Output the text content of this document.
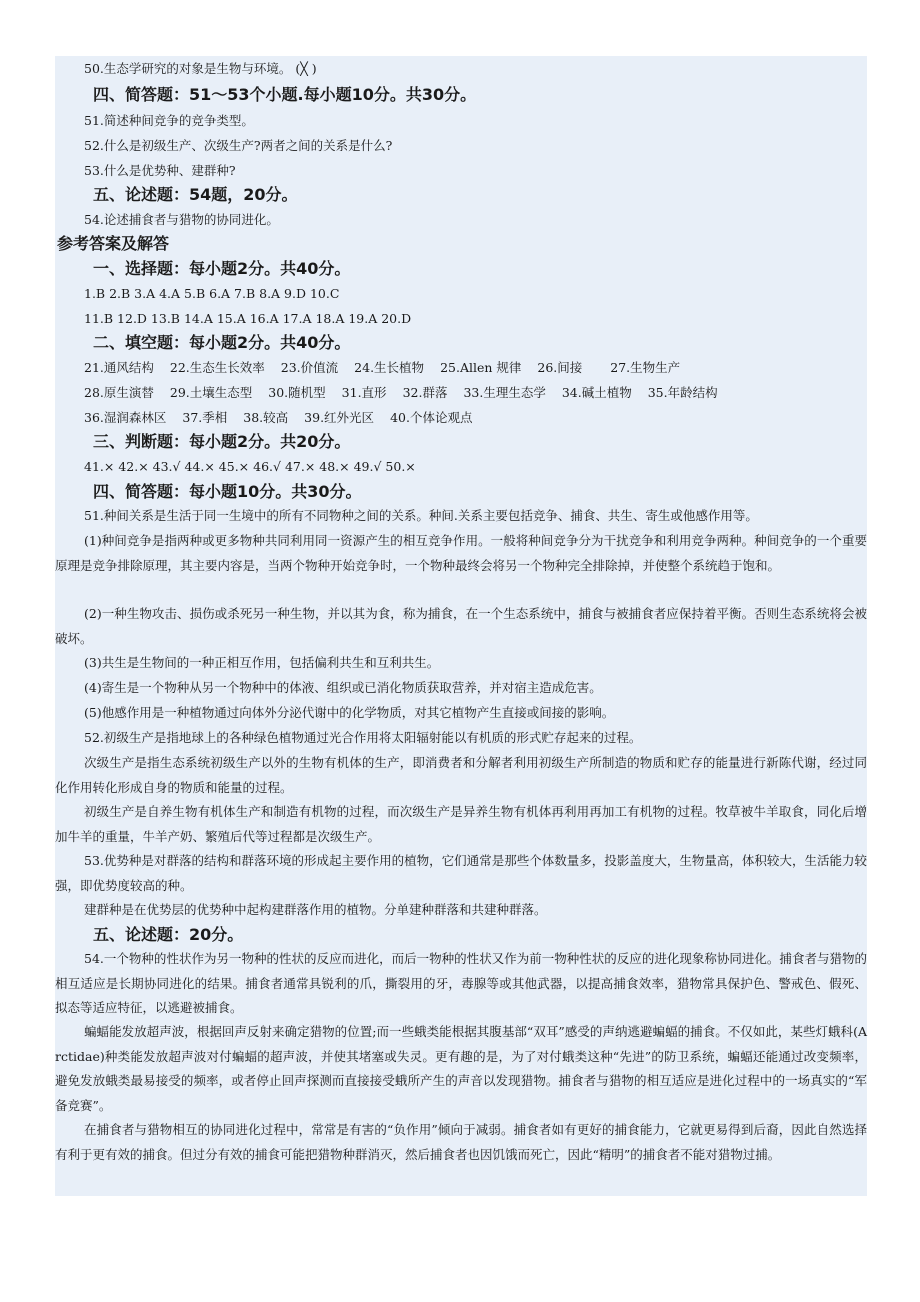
50.生态学研究的对象是生物与环境。 (╳ )
四、简答题：51～53个小题.每小题10分。共30分。
51.简述种间竞争的竞争类型。
52.什么是初级生产、次级生产?两者之间的关系是什么?
53.什么是优势种、建群种?
五、论述题：54题，20分。
54.论述捕食者与猎物的协同进化。
参考答案及解答
一、选择题：每小题2分。共40分。
1.B 2.B 3.A 4.A 5.B 6.A 7.B 8.A 9.D 10.C
11.B 12.D 13.B 14.A 15.A 16.A 17.A 18.A 19.A 20.D
二、填空题：每小题2分。共40分。
21.通风结构 22.生态生长效率 23.价值流 24.生长植物 25.Allen 规律 26.间接 27.生物生产
28.原生演替 29.土壤生态型 30.随机型 31.直形 32.群落 33.生理生态学 34.碱土植物 35.年龄结构
36.湿润森林区 37.季相 38.较高 39.红外光区 40.个体论观点
三、判断题：每小题2分。共20分。
41.× 42.× 43.√ 44.× 45.× 46.√ 47.× 48.× 49.√ 50.×
四、简答题：每小题10分。共30分。
51.种间关系是生活于同一生境中的所有不同物种之间的关系。种间.关系主要包括竞争、捕食、共生、寄生或他感作用等。
(1)种间竞争是指两种或更多物种共同利用同一资源产生的相互竞争作用。一般将种间竞争分为干扰竞争和利用竞争两种。种间竞争的一个重要原理是竞争排除原理，其主要内容是，当两个物种开始竞争时，一个物种最终会将另一个物种完全排除掉，并使整个系统趋于饱和。
(2)一种生物攻击、损伤或杀死另一种生物，并以其为食，称为捕食，在一个生态系统中，捕食与被捕食者应保持着平衡。否则生态系统将会被破坏。
(3)共生是生物间的一种正相互作用，包括偏利共生和互利共生。
(4)寄生是一个物种从另一个物种中的体液、组织或已消化物质获取营养，并对宿主造成危害。
(5)他感作用是一种植物通过向体外分泌代谢中的化学物质，对其它植物产生直接或间接的影响。
52.初级生产是指地球上的各种绿色植物通过光合作用将太阳辐射能以有机质的形式贮存起来的过程。
次级生产是指生态系统初级生产以外的生物有机体的生产，即消费者和分解者利用初级生产所制造的物质和贮存的能量进行新陈代谢，经过同化作用转化形成自身的物质和能量的过程。
初级生产是自养生物有机体生产和制造有机物的过程，而次级生产是异养生物有机体再利用再加工有机物的过程。牧草被牛羊取食，同化后增加牛羊的重量，牛羊产奶、繁殖后代等过程都是次级生产。
53.优势种是对群落的结构和群落环境的形成起主要作用的植物，它们通常是那些个体数量多，投影盖度大，生物量高，体积较大，生活能力较强，即优势度较高的种。
建群种是在优势层的优势种中起构建群落作用的植物。分单建种群落和共建种群落。
五、论述题：20分。
54.一个物种的性状作为另一物种的性状的反应而进化，而后一物种的性状又作为前一物种性状的反应的进化现象称协同进化。捕食者与猎物的相互适应是长期协同进化的结果。捕食者通常具锐利的爪，撕裂用的牙，毒腺等或其他武器，以提高捕食效率，猎物常具保护色、警戒色、假死、拟态等适应特征，以逃避被捕食。
蝙蝠能发放超声波，根据回声反射来确定猎物的位置;而一些蛾类能根据其腹基部“双耳”感受的声纳逃避蝙蝠的捕食。不仅如此，某些灯蛾科(Arctidae)种类能发放超声波对付蝙蝠的超声波，并使其堵塞或失灵。更有趣的是，为了对付蛾类这种“先进”的防卫系统，蝙蝠还能通过改变频率，避免发放蛾类最易接受的频率，或者停止回声探测而直接接受蛾所产生的声音以发现猎物。捕食者与猎物的相互适应是进化过程中的一场真实的“军备竞赛”。
在捕食者与猎物相互的协同进化过程中，常常是有害的“负作用”倾向于减弱。捕食者如有更好的捕食能力，它就更易得到后裔，因此自然选择有利于更有效的捕食。但过分有效的捕食可能把猎物种群消灭，然后捕食者也因饥饿而死亡，因此“精明”的捕食者不能对猎物过捕。
